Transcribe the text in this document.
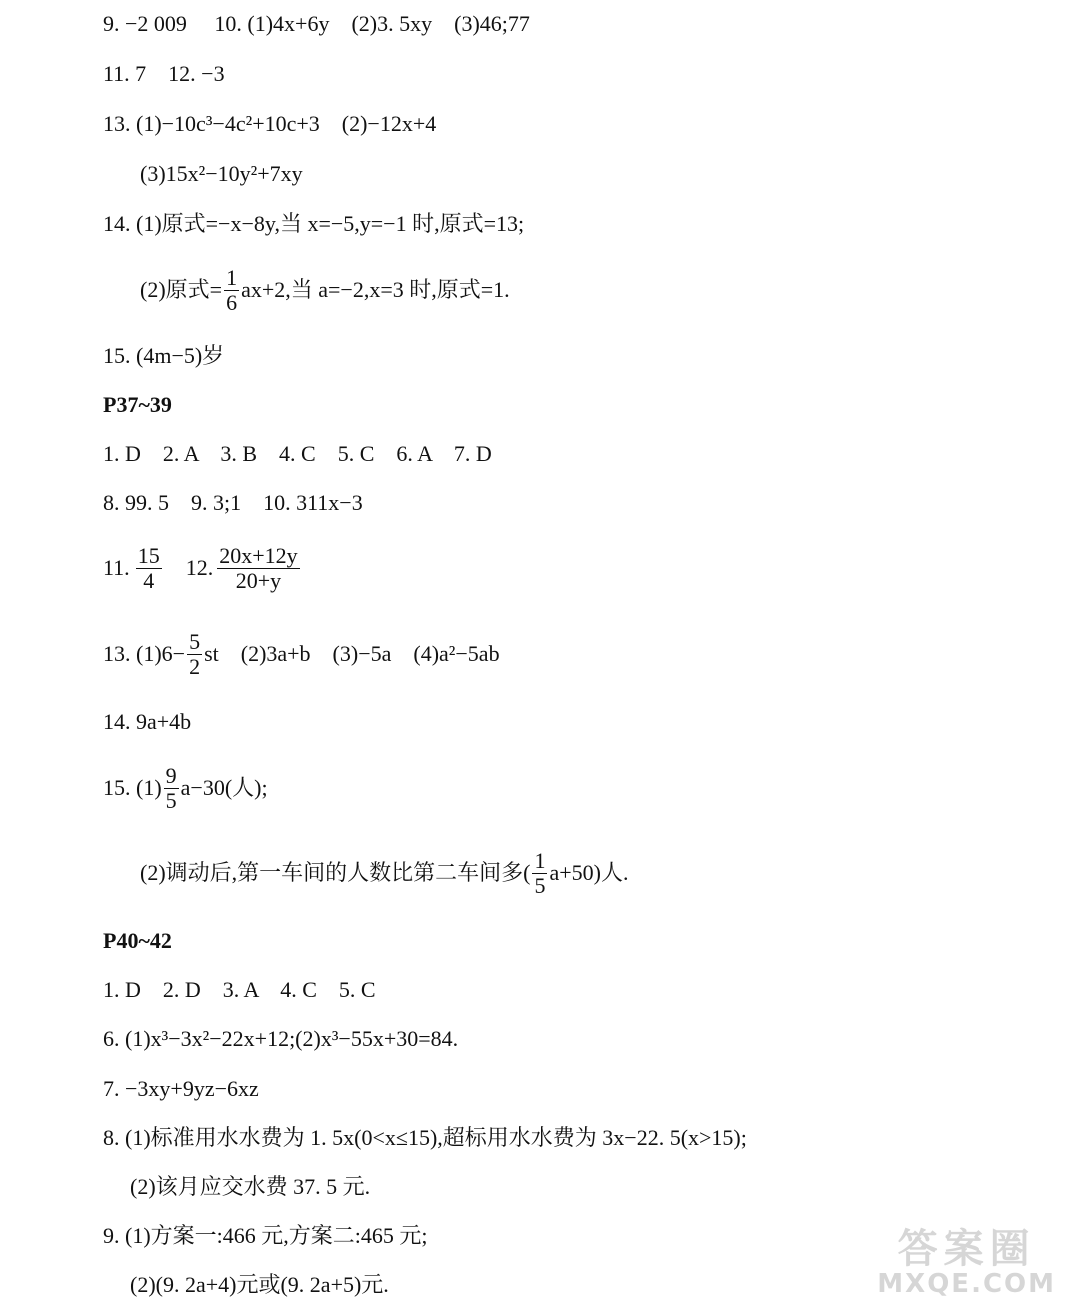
9. −2 009　 10. (1)4x+6y　(2)3. 5xy　(3)46;77
11. 7　12. −3
13. (1)−10c³−4c²+10c+3　(2)−12x+4
(3)15x²−10y²+7xy
14. (1)原式=−x−8y,当 x=−5,y=−1 时,原式=13;
(2)原式= $\frac{1}{6} ax+2$,当 a=−2,x=3 时,原式=1.
15. (4m−5)岁
P37~39
1. D　2. A　3. B　4. C　5. C　6. A　7. D
8. 99. 5　9. 3;1　10. 311x−3
11. $\frac{15}{4} 12$. $\frac{20x+12y}{20+y}$
13. $(1)6- \frac{5}{2}$ st　(2)3a+b　(3)−5a　(4)a²−5ab
14. 9a+4b
15. $(1) \frac{9}{5} a-30$(人);
(2)调动后,第一车间的人数比第二车间多( $\frac{1}{5} a+50$)人.
P40~42
1. D　2. D　3. A　4. C　5. C
6. (1)x³−3x²−22x+12;(2)x³−55x+30=84.
7. −3xy+9yz−6xz
8. (1)标准用水水费为 1. 5x(0<x≤15),超标用水水费为 3x−22. 5(x>15);
(2)该月应交水费 37. 5 元.
9. (1)方案一:466 元,方案二:465 元;
(2)(9. 2a+4)元或(9. 2a+5)元.
答案圈
MXQE.COM
